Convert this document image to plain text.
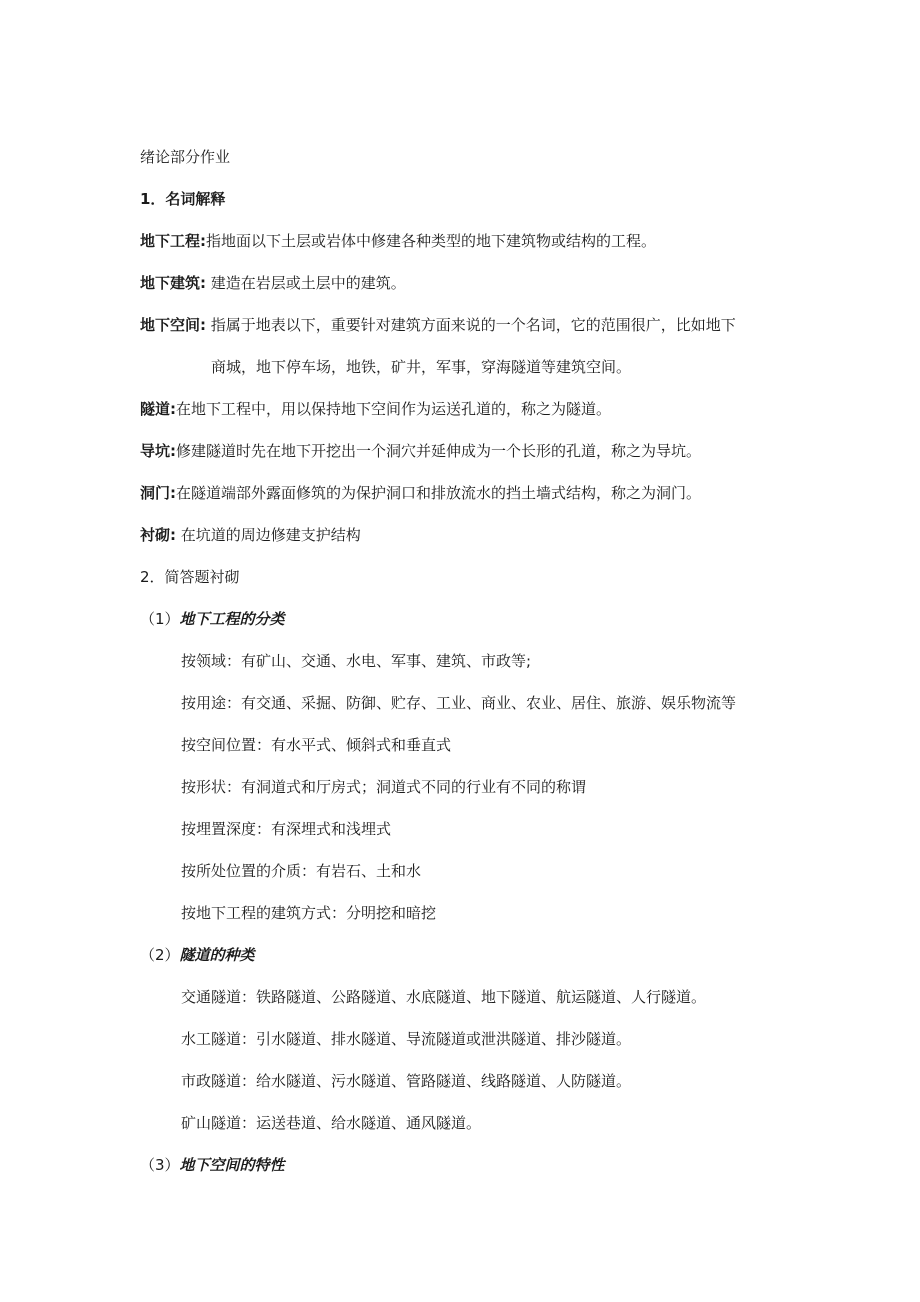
绪论部分作业
1．名词解释
地下工程:指地面以下土层或岩体中修建各种类型的地下建筑物或结构的工程。
地下建筑: 建造在岩层或土层中的建筑。
地下空间: 指属于地表以下，重要针对建筑方面来说的一个名词，它的范围很广，比如地下
商城，地下停车场，地铁，矿井，军事，穿海隧道等建筑空间。
隧道:在地下工程中，用以保持地下空间作为运送孔道的，称之为隧道。
导坑:修建隧道时先在地下开挖出一个洞穴并延伸成为一个长形的孔道，称之为导坑。
洞门:在隧道端部外露面修筑的为保护洞口和排放流水的挡土墙式结构，称之为洞门。
衬砌: 在坑道的周边修建支护结构
2．简答题衬砌
（1）地下工程的分类
按领域：有矿山、交通、水电、军事、建筑、市政等;
按用途：有交通、采掘、防御、贮存、工业、商业、农业、居住、旅游、娱乐物流等
按空间位置：有水平式、倾斜式和垂直式
按形状：有洞道式和厅房式；洞道式不同的行业有不同的称谓
按埋置深度：有深埋式和浅埋式
按所处位置的介质：有岩石、土和水
按地下工程的建筑方式：分明挖和暗挖
（2）隧道的种类
交通隧道：铁路隧道、公路隧道、水底隧道、地下隧道、航运隧道、人行隧道。
水工隧道：引水隧道、排水隧道、导流隧道或泄洪隧道、排沙隧道。
市政隧道：给水隧道、污水隧道、管路隧道、线路隧道、人防隧道。
矿山隧道：运送巷道、给水隧道、通风隧道。
（3）地下空间的特性
